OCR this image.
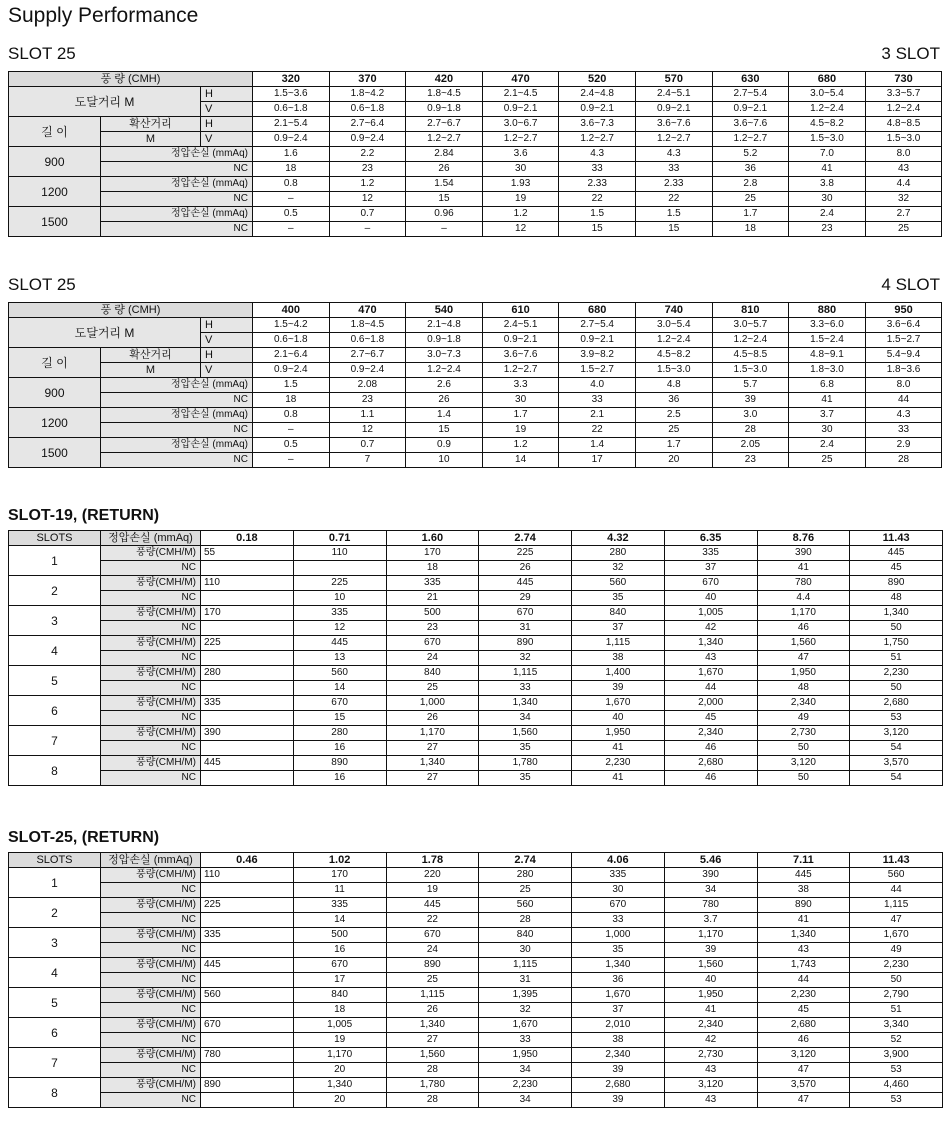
Supply Performance
SLOT 25	3 SLOT
풍 량 (CMH)			320	370	420	470	520	570	630	680	730
도달거리 M		H	1.5~3.6	1.8~4.2	1.8~4.5	2.1~4.5	2.4~4.8	2.4~5.1	2.7~5.4	3.0~5.4	3.3~5.7
		V	0.6~1.8	0.6~1.8	0.9~1.8	0.9~2.1	0.9~2.1	0.9~2.1	0.9~2.1	1.2~2.4	1.2~2.4
길 이	확산거리	H	2.1~5.4	2.7~6.4	2.7~6.7	3.0~6.7	3.6~7.3	3.6~7.6	3.6~7.6	4.5~8.2	4.8~8.5
	M	V	0.9~2.4	0.9~2.4	1.2~2.7	1.2~2.7	1.2~2.7	1.2~2.7	1.2~2.7	1.5~3.0	1.5~3.0
900	정압손실 (mmAq)		1.6	2.2	2.84	3.6	4.3	4.3	5.2	7.0	8.0
	NC		18	23	26	30	33	33	36	41	43
1200	정압손실 (mmAq)		0.8	1.2	1.54	1.93	2.33	2.33	2.8	3.8	4.4
	NC		–	12	15	19	22	22	25	30	32
1500	정압손실 (mmAq)		0.5	0.7	0.96	1.2	1.5	1.5	1.7	2.4	2.7
	NC		–	–	–	12	15	15	18	23	25
SLOT 25	4 SLOT
풍 량 (CMH)			400	470	540	610	680	740	810	880	950
도달거리 M		H	1.5~4.2	1.8~4.5	2.1~4.8	2.4~5.1	2.7~5.4	3.0~5.4	3.0~5.7	3.3~6.0	3.6~6.4
		V	0.6~1.8	0.6~1.8	0.9~1.8	0.9~2.1	0.9~2.1	1.2~2.4	1.2~2.4	1.5~2.4	1.5~2.7
길 이	확산거리	H	2.1~6.4	2.7~6.7	3.0~7.3	3.6~7.6	3.9~8.2	4.5~8.2	4.5~8.5	4.8~9.1	5.4~9.4
	M	V	0.9~2.4	0.9~2.4	1.2~2.4	1.2~2.7	1.5~2.7	1.5~3.0	1.5~3.0	1.8~3.0	1.8~3.6
900	정압손실 (mmAq)		1.5	2.08	2.6	3.3	4.0	4.8	5.7	6.8	8.0
	NC		18	23	26	30	33	36	39	41	44
1200	정압손실 (mmAq)		0.8	1.1	1.4	1.7	2.1	2.5	3.0	3.7	4.3
	NC		–	12	15	19	22	25	28	30	33
1500	정압손실 (mmAq)		0.5	0.7	0.9	1.2	1.4	1.7	2.05	2.4	2.9
	NC		–	7	10	14	17	20	23	25	28
SLOT-19, (RETURN)
SLOTS	정압손실 (mmAq)	0.18	0.71	1.60	2.74	4.32	6.35	8.76	11.43
1	풍량(CMH/M)	55	110	170	225	280	335	390	445
	NC			18	26	32	37	41	45
2	풍량(CMH/M)	110	225	335	445	560	670	780	890
	NC		10	21	29	35	40	4.4	48
3	풍량(CMH/M)	170	335	500	670	840	1,005	1,170	1,340
	NC		12	23	31	37	42	46	50
4	풍량(CMH/M)	225	445	670	890	1,115	1,340	1,560	1,750
	NC		13	24	32	38	43	47	51
5	풍량(CMH/M)	280	560	840	1,115	1,400	1,670	1,950	2,230
	NC		14	25	33	39	44	48	50
6	풍량(CMH/M)	335	670	1,000	1,340	1,670	2,000	2,340	2,680
	NC		15	26	34	40	45	49	53
7	풍량(CMH/M)	390	280	1,170	1,560	1,950	2,340	2,730	3,120
	NC		16	27	35	41	46	50	54
8	풍량(CMH/M)	445	890	1,340	1,780	2,230	2,680	3,120	3,570
	NC		16	27	35	41	46	50	54
SLOT-25, (RETURN)
SLOTS	정압손실 (mmAq)	0.46	1.02	1.78	2.74	4.06	5.46	7.11	11.43
1	풍량(CMH/M)	110	170	220	280	335	390	445	560
	NC		11	19	25	30	34	38	44
2	풍량(CMH/M)	225	335	445	560	670	780	890	1,115
	NC		14	22	28	33	3.7	41	47
3	풍량(CMH/M)	335	500	670	840	1,000	1,170	1,340	1,670
	NC		16	24	30	35	39	43	49
4	풍량(CMH/M)	445	670	890	1,115	1,340	1,560	1,743	2,230
	NC		17	25	31	36	40	44	50
5	풍량(CMH/M)	560	840	1,115	1,395	1,670	1,950	2,230	2,790
	NC		18	26	32	37	41	45	51
6	풍량(CMH/M)	670	1,005	1,340	1,670	2,010	2,340	2,680	3,340
	NC		19	27	33	38	42	46	52
7	풍량(CMH/M)	780	1,170	1,560	1,950	2,340	2,730	3,120	3,900
	NC		20	28	34	39	43	47	53
8	풍량(CMH/M)	890	1,340	1,780	2,230	2,680	3,120	3,570	4,460
	NC		20	28	34	39	43	47	53
